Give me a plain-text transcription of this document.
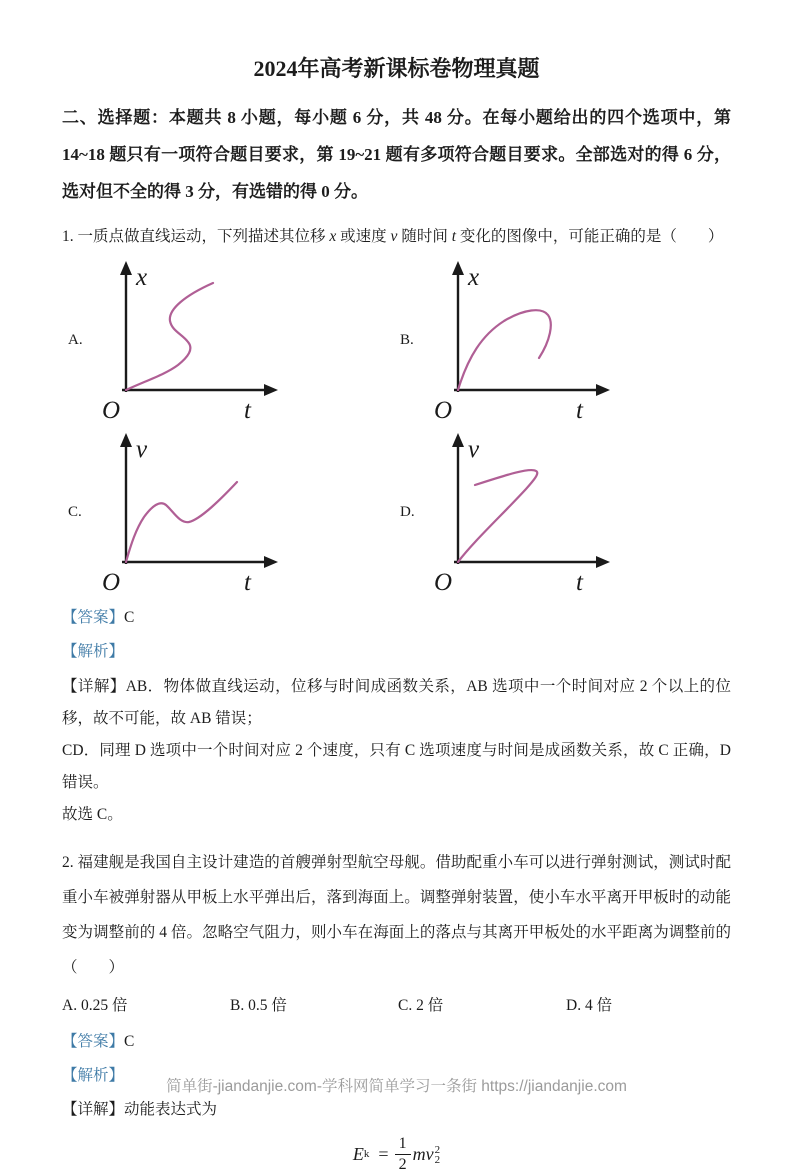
2024年高考新课标卷物理真题

二、选择题：本题共 8 小题，每小题 6 分，共 48 分。在每小题给出的四个选项中，第 14~18 题只有一项符合题目要求，第 19~21 题有多项符合题目要求。全部选对的得 6 分，选对但不全的得 3 分，有选错的得 0 分。

1. 一质点做直线运动，下列描述其位移 x 或速度 v 随时间 t 变化的图像中，可能正确的是（　　）

A.
x
t
O
B.
x
t
O
C.
v
t
O
D.
v
t
O

【答案】C

【解析】

【详解】AB．物体做直线运动，位移与时间成函数关系，AB 选项中一个时间对应 2 个以上的位移，故不可能，故 AB 错误；

CD．同理 D 选项中一个时间对应 2 个速度，只有 C 选项速度与时间是成函数关系，故 C 正确，D 错误。

故选 C。

2. 福建舰是我国自主设计建造的首艘弹射型航空母舰。借助配重小车可以进行弹射测试，测试时配重小车被弹射器从甲板上水平弹出后，落到海面上。调整弹射装置，使小车水平离开甲板时的动能变为调整前的 4 倍。忽略空气阻力，则小车在海面上的落点与其离开甲板处的水平距离为调整前的（　　）

A. 0.25 倍	B. 0.5 倍	C. 2 倍	D. 4 倍

【答案】C

【解析】

【详解】动能表达式为

E $k = \frac{1}{2}$ m v 2
2
简单街-jiandanjie.com-学科网简单学习一条街 https://jiandanjie.com
